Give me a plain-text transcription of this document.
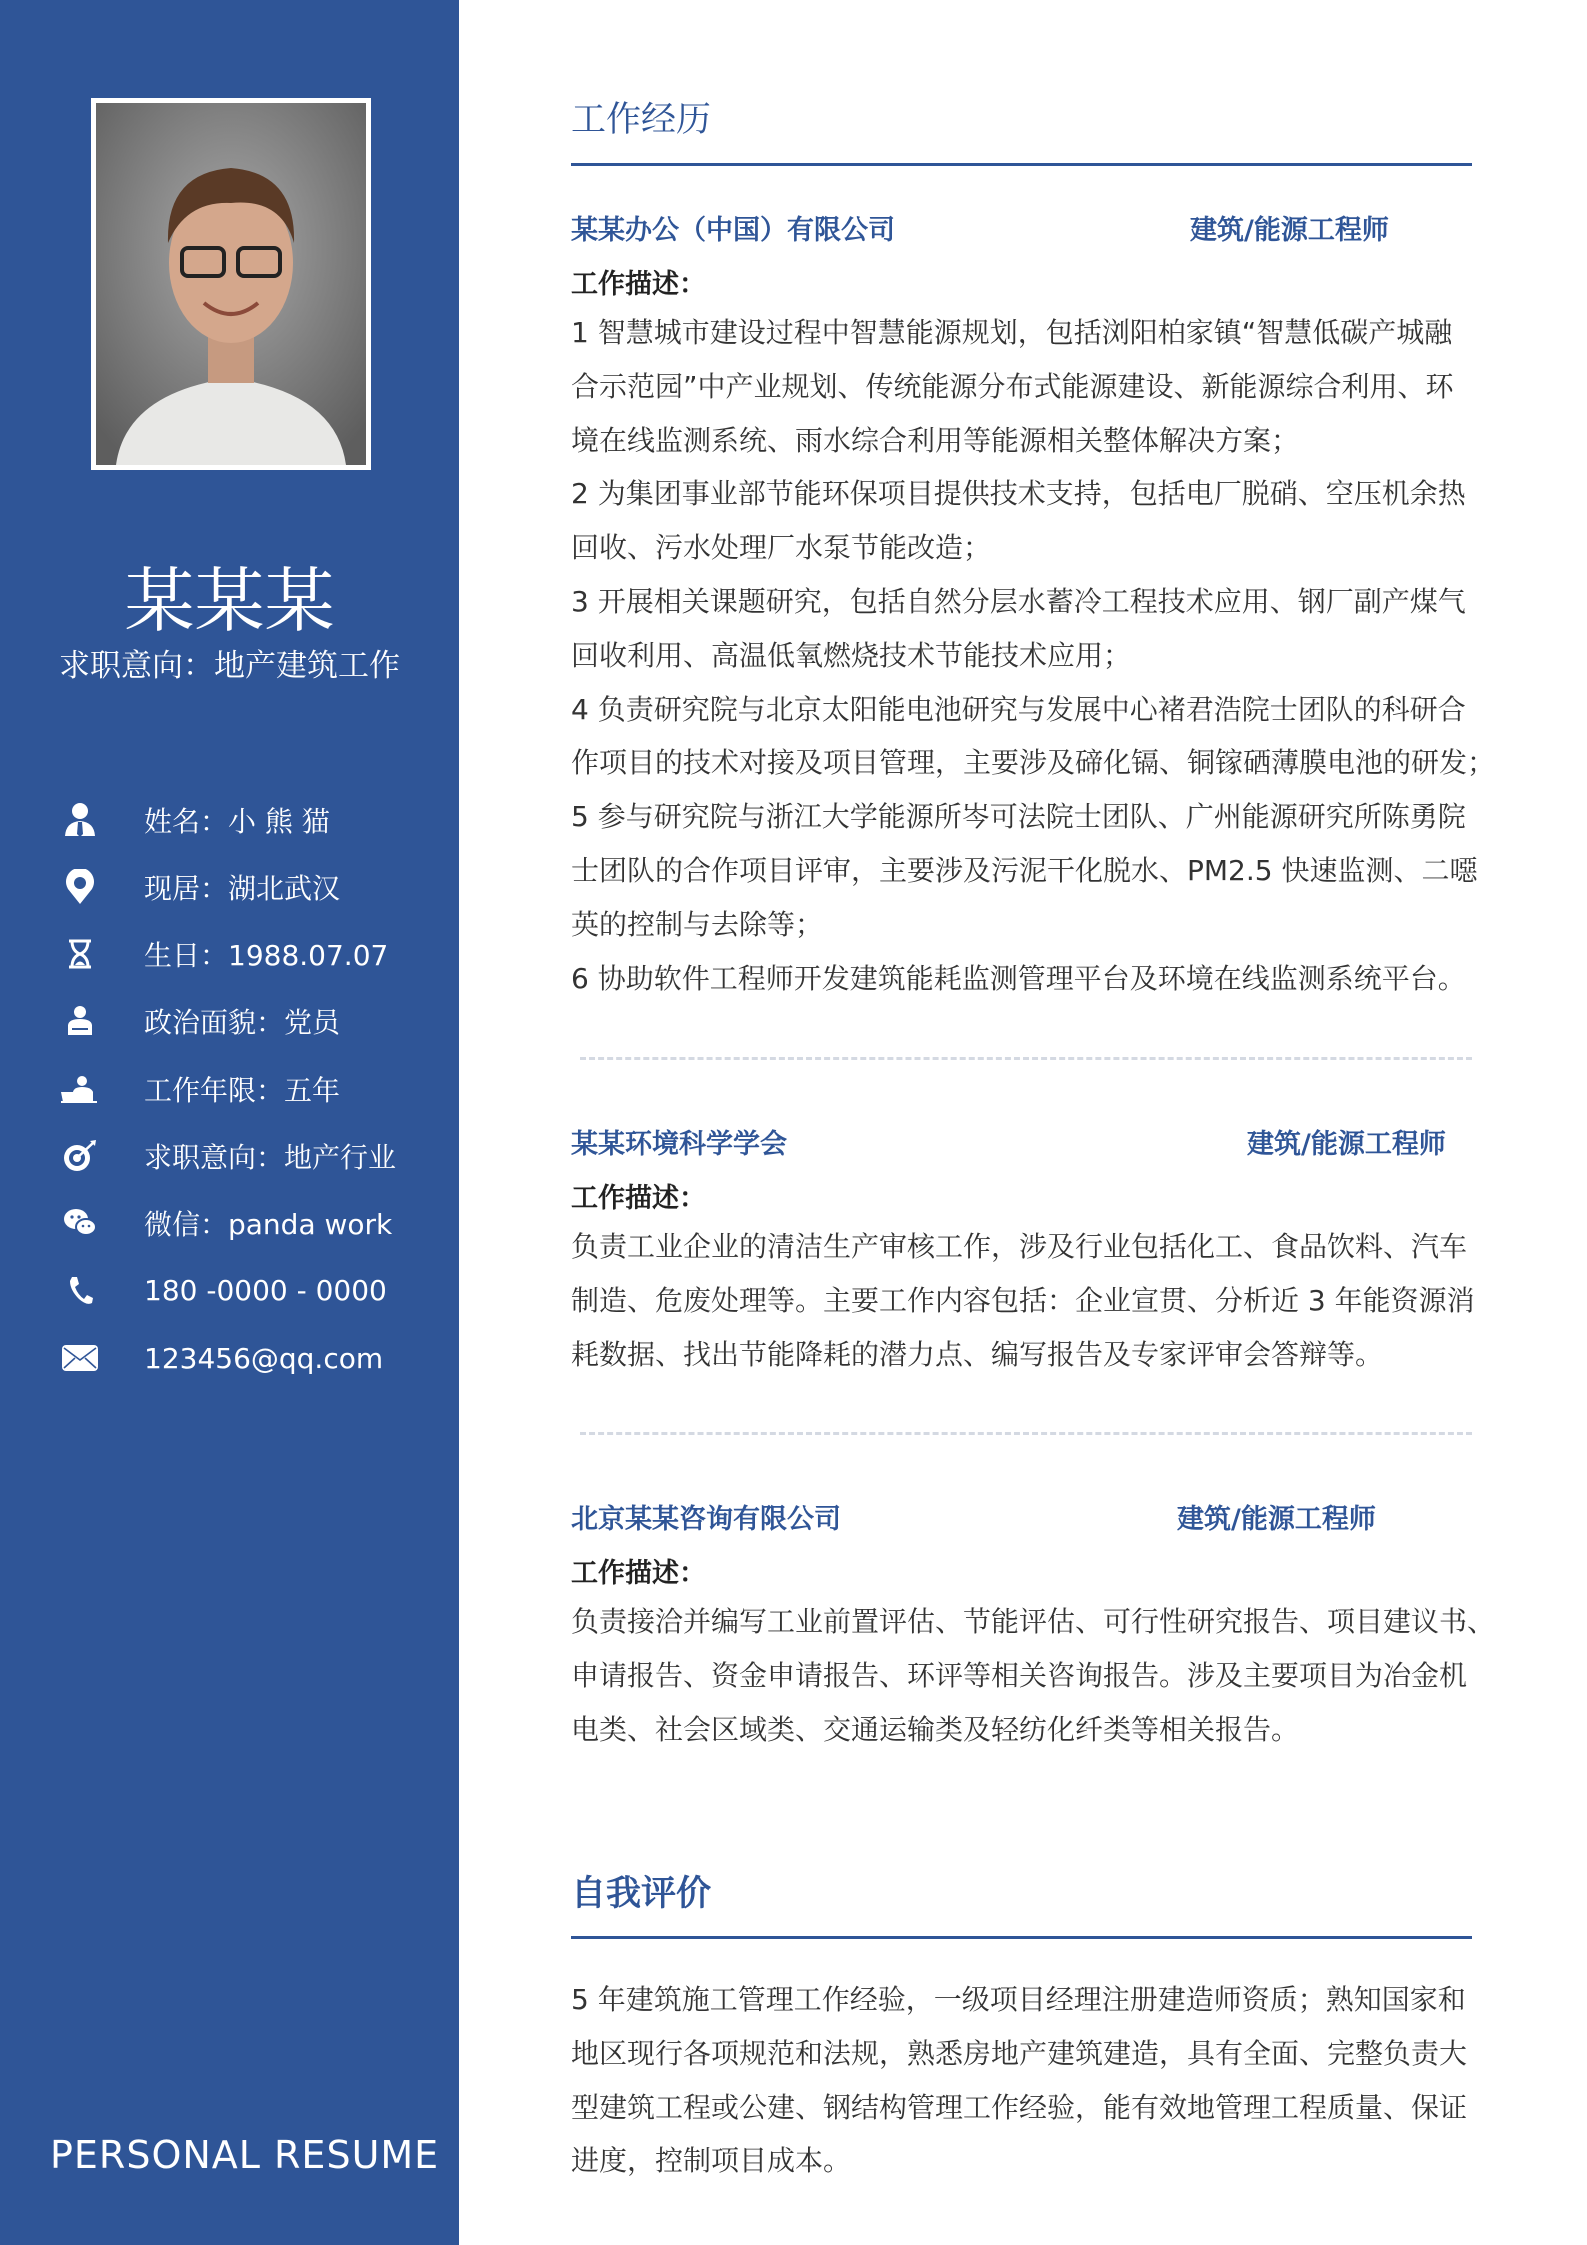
某某某
求职意向：地产建筑工作
姓名：小 熊 猫
现居：湖北武汉
生日：1988.07.07
政治面貌：党员
工作年限：五年
求职意向：地产行业
微信：panda work
180 -0000 - 0000
123456@qq.com
PERSONAL RESUME
工作经历
某某办公（中国）有限公司	建筑/能源工程师
工作描述：
1 智慧城市建设过程中智慧能源规划，包括浏阳柏家镇“智慧低碳产城融
合示范园”中产业规划、传统能源分布式能源建设、新能源综合利用、环
境在线监测系统、雨水综合利用等能源相关整体解决方案；
2 为集团事业部节能环保项目提供技术支持，包括电厂脱硝、空压机余热
回收、污水处理厂水泵节能改造；
3 开展相关课题研究，包括自然分层水蓄冷工程技术应用、钢厂副产煤气
回收利用、高温低氧燃烧技术节能技术应用；
4 负责研究院与北京太阳能电池研究与发展中心褚君浩院士团队的科研合
作项目的技术对接及项目管理，主要涉及碲化镉、铜镓硒薄膜电池的研发；
5 参与研究院与浙江大学能源所岑可法院士团队、广州能源研究所陈勇院
士团队的合作项目评审，主要涉及污泥干化脱水、PM2.5 快速监测、二噁
英的控制与去除等；
6 协助软件工程师开发建筑能耗监测管理平台及环境在线监测系统平台。
某某环境科学学会	建筑/能源工程师
工作描述：
负责工业企业的清洁生产审核工作，涉及行业包括化工、食品饮料、汽车
制造、危废处理等。主要工作内容包括：企业宣贯、分析近 3 年能资源消
耗数据、找出节能降耗的潜力点、编写报告及专家评审会答辩等。
北京某某咨询有限公司	建筑/能源工程师
工作描述：
负责接洽并编写工业前置评估、节能评估、可行性研究报告、项目建议书、
申请报告、资金申请报告、环评等相关咨询报告。涉及主要项目为冶金机
电类、社会区域类、交通运输类及轻纺化纤类等相关报告。
自我评价
5 年建筑施工管理工作经验，一级项目经理注册建造师资质；熟知国家和
地区现行各项规范和法规，熟悉房地产建筑建造，具有全面、完整负责大
型建筑工程或公建、钢结构管理工作经验，能有效地管理工程质量、保证
进度，控制项目成本。
